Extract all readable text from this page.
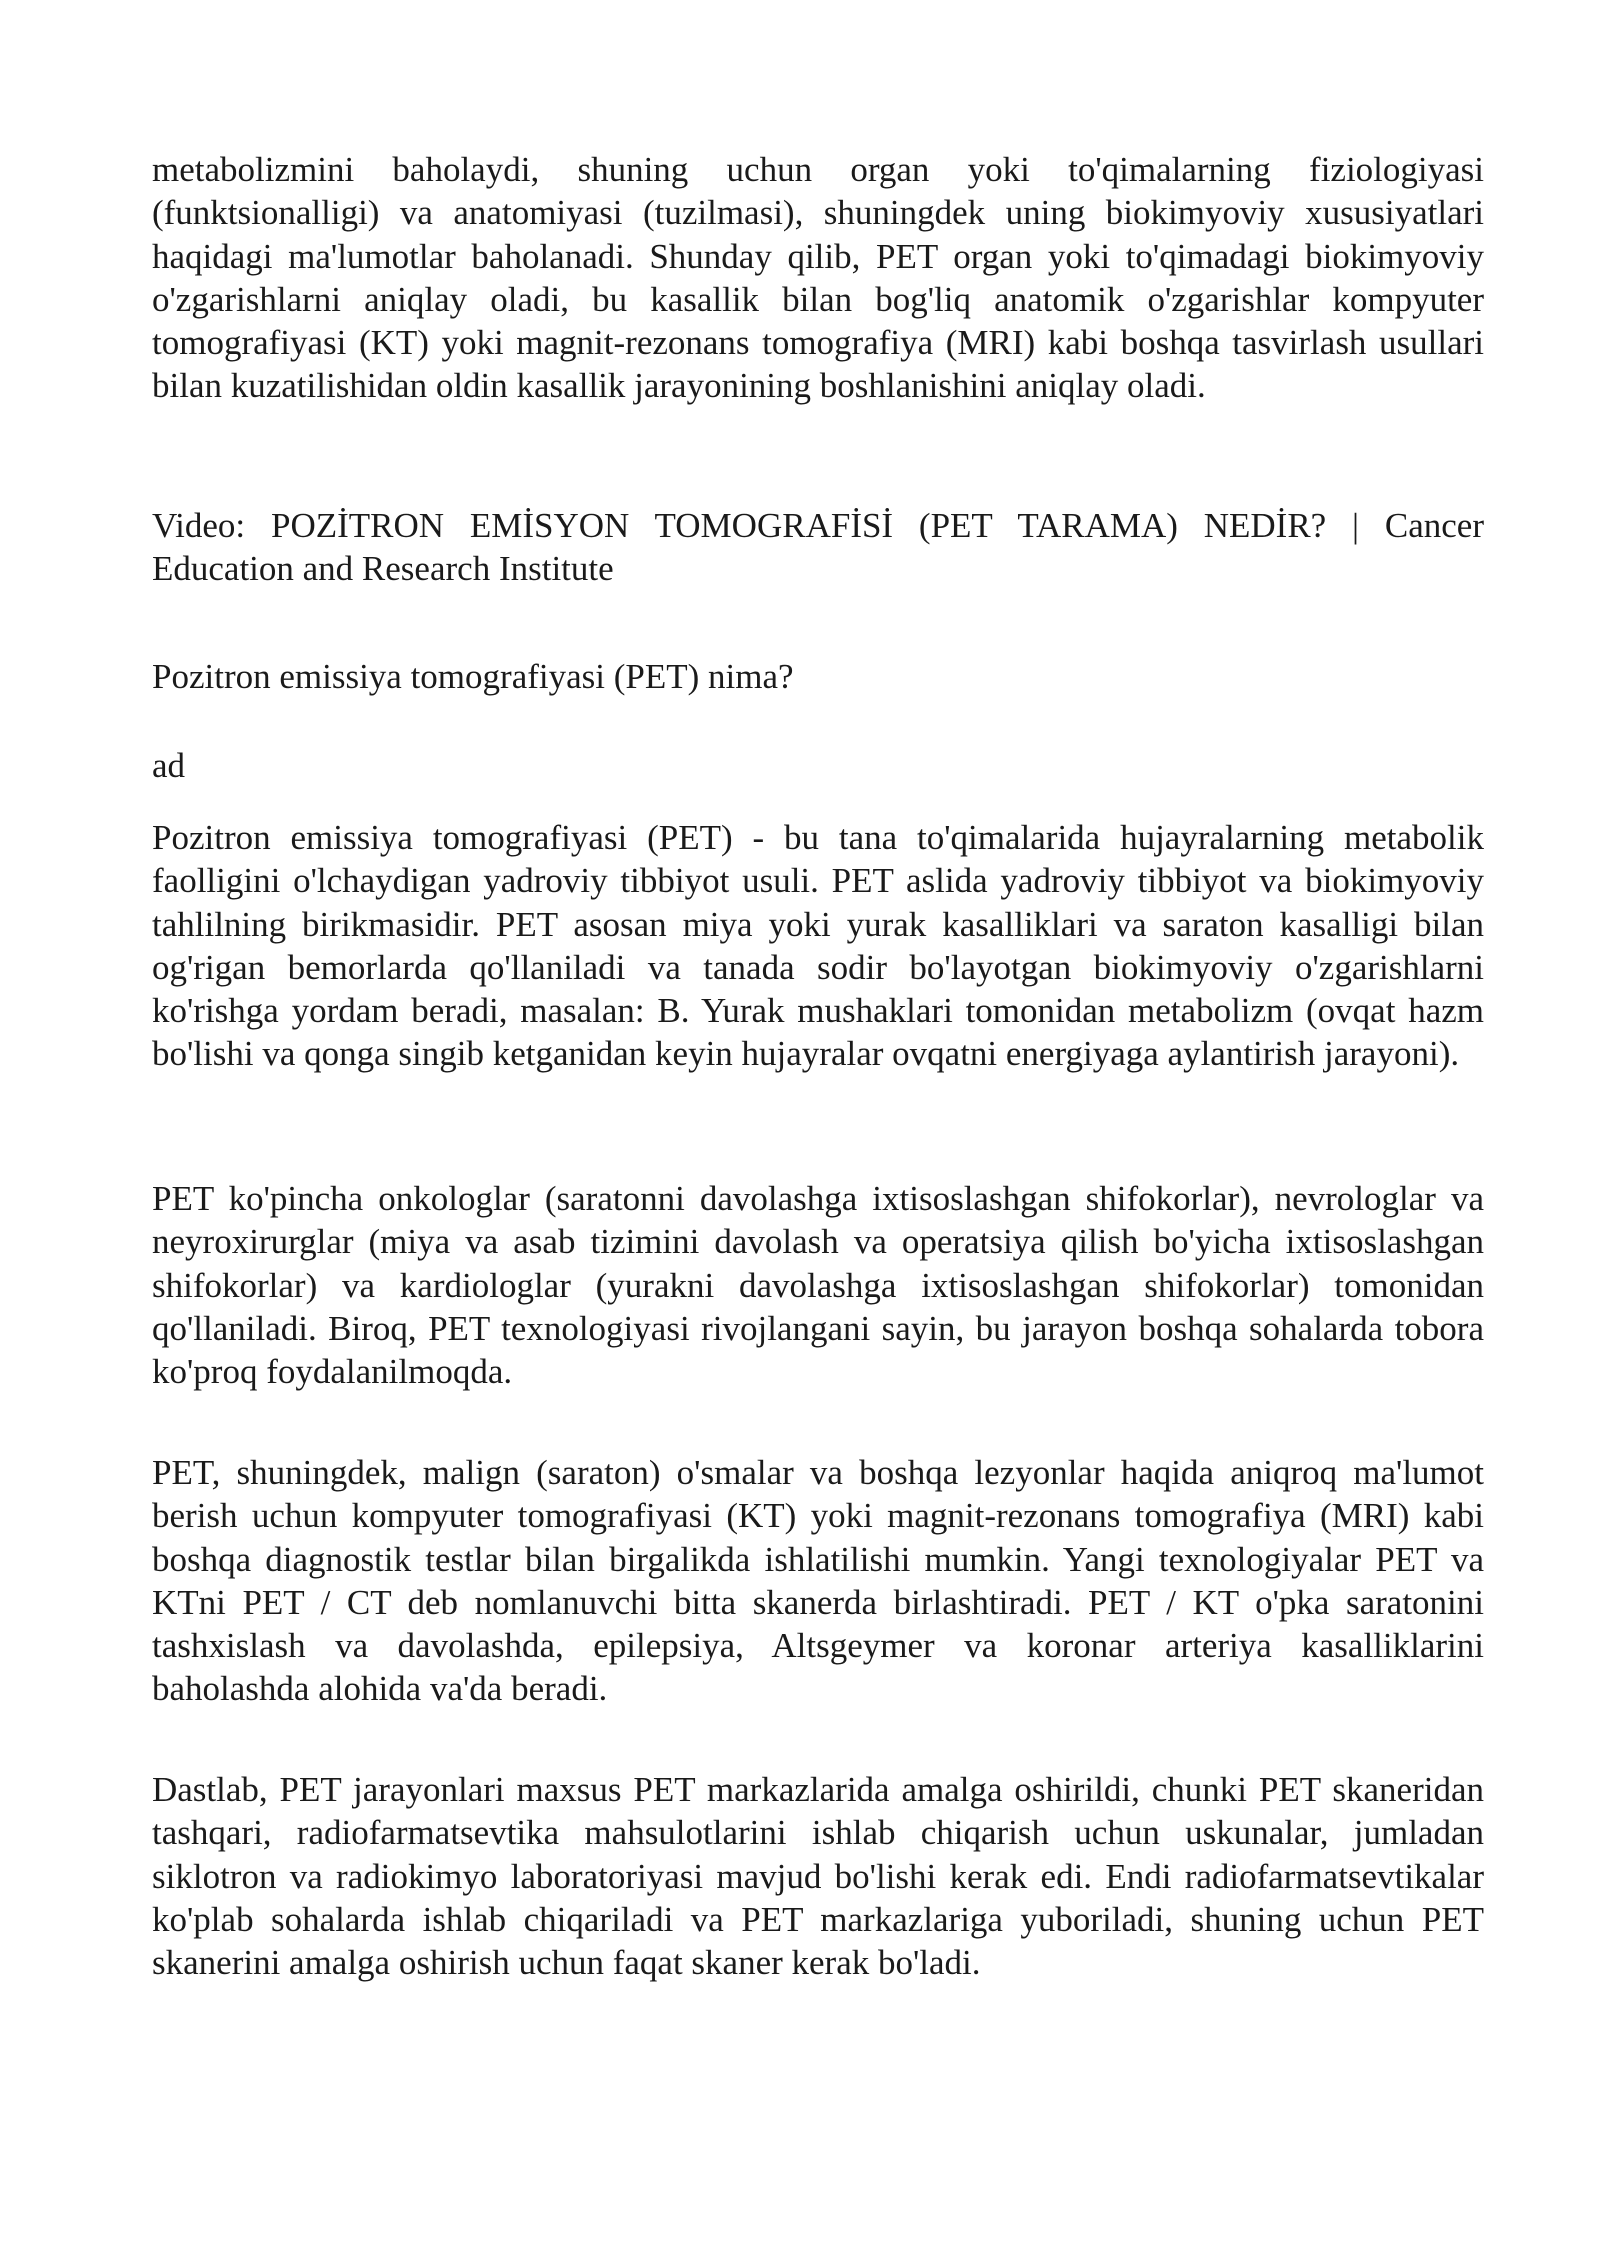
metabolizmini baholaydi, shuning uchun organ yoki to'qimalarning fiziologiyasi (funktsionalligi) va anatomiyasi (tuzilmasi), shuningdek uning biokimyoviy xususiyatlari haqidagi ma'lumotlar baholanadi. Shunday qilib, PET organ yoki to'qimadagi biokimyoviy o'zgarishlarni aniqlay oladi, bu kasallik bilan bog'liq anatomik o'zgarishlar kompyuter tomografiyasi (KT) yoki magnit-rezonans tomografiya (MRI) kabi boshqa tasvirlash usullari bilan kuzatilishidan oldin kasallik jarayonining boshlanishini aniqlay oladi.

Video: POZİTRON EMİSYON TOMOGRAFİSİ (PET TARAMA) NEDİR? | Cancer Education and Research Institute

Pozitron emissiya tomografiyasi (PET) nima?

ad

Pozitron emissiya tomografiyasi (PET) - bu tana to'qimalarida hujayralarning metabolik faolligini o'lchaydigan yadroviy tibbiyot usuli. PET aslida yadroviy tibbiyot va biokimyoviy tahlilning birikmasidir. PET asosan miya yoki yurak kasalliklari va saraton kasalligi bilan og'rigan bemorlarda qo'llaniladi va tanada sodir bo'layotgan biokimyoviy o'zgarishlarni ko'rishga yordam beradi, masalan: B. Yurak mushaklari tomonidan metabolizm (ovqat hazm bo'lishi va qonga singib ketganidan keyin hujayralar ovqatni energiyaga aylantirish jarayoni).

PET ko'pincha onkologlar (saratonni davolashga ixtisoslashgan shifokorlar), nevrologlar va neyroxirurglar (miya va asab tizimini davolash va operatsiya qilish bo'yicha ixtisoslashgan shifokorlar) va kardiologlar (yurakni davolashga ixtisoslashgan shifokorlar) tomonidan qo'llaniladi. Biroq, PET texnologiyasi rivojlangani sayin, bu jarayon boshqa sohalarda tobora ko'proq foydalanilmoqda.

PET, shuningdek, malign (saraton) o'smalar va boshqa lezyonlar haqida aniqroq ma'lumot berish uchun kompyuter tomografiyasi (KT) yoki magnit-rezonans tomografiya (MRI) kabi boshqa diagnostik testlar bilan birgalikda ishlatilishi mumkin. Yangi texnologiyalar PET va KTni PET / CT deb nomlanuvchi bitta skanerda birlashtiradi. PET / KT o'pka saratonini tashxislash va davolashda, epilepsiya, Altsgeymer va koronar arteriya kasalliklarini baholashda alohida va'da beradi.

Dastlab, PET jarayonlari maxsus PET markazlarida amalga oshirildi, chunki PET skaneridan tashqari, radiofarmatsevtika mahsulotlarini ishlab chiqarish uchun uskunalar, jumladan siklotron va radiokimyo laboratoriyasi mavjud bo'lishi kerak edi. Endi radiofarmatsevtikalar ko'plab sohalarda ishlab chiqariladi va PET markazlariga yuboriladi, shuning uchun PET skanerini amalga oshirish uchun faqat skaner kerak bo'ladi.
